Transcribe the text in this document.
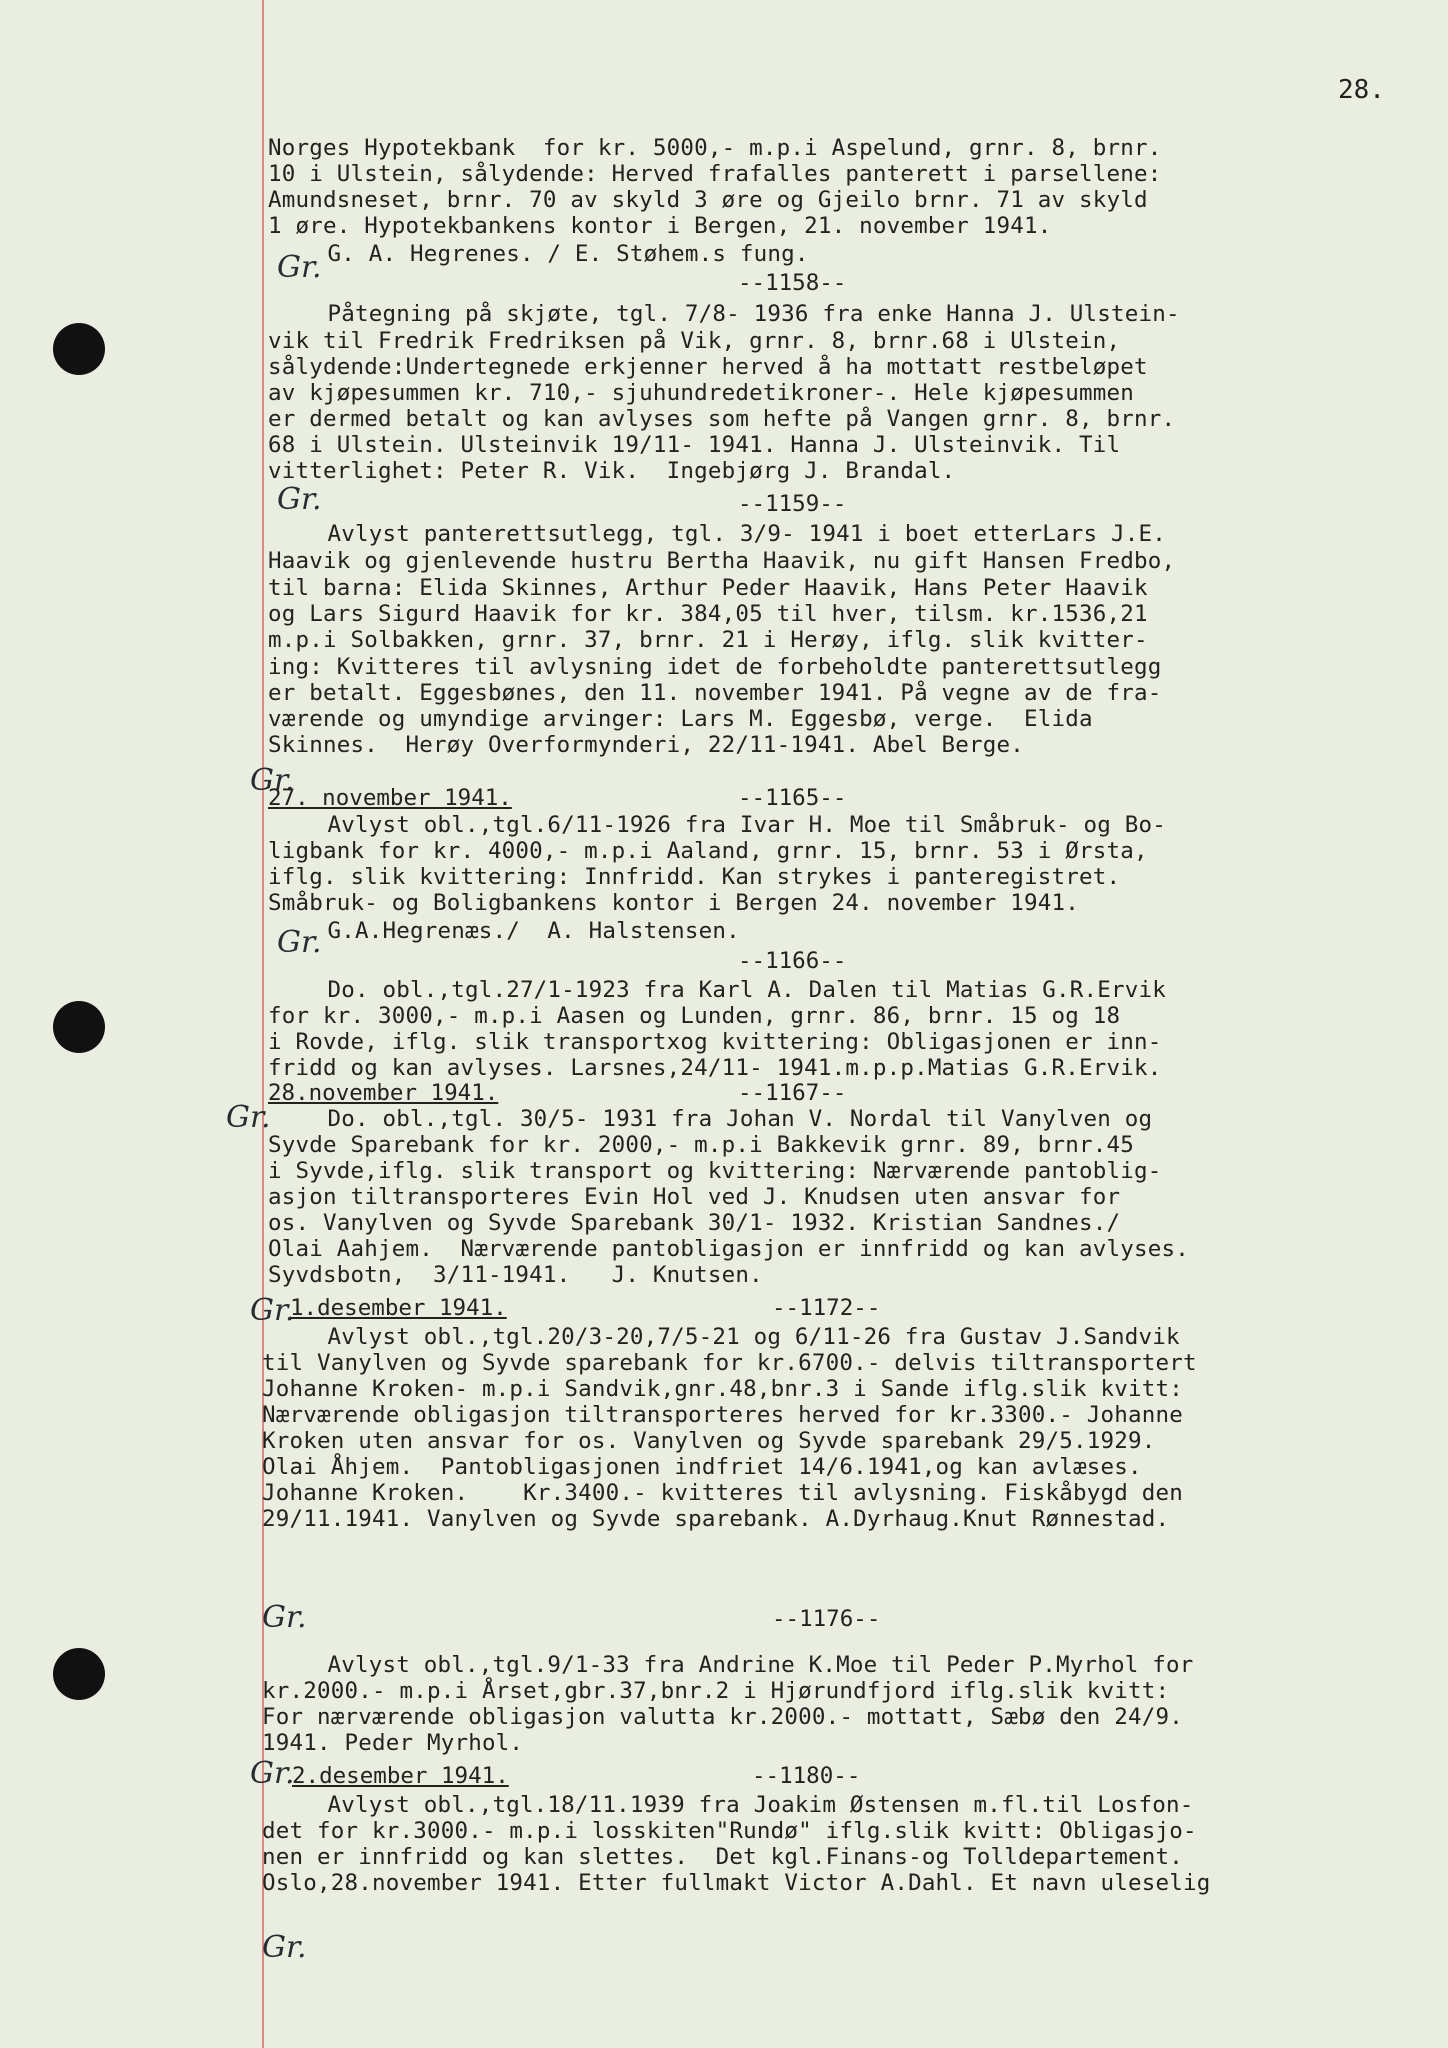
28.
Norges Hypotekbank  for kr. 5000,- m.p.i Aspelund, grnr. 8, brnr.
10 i Ulstein, sålydende: Herved frafalles panterett i parsellene:
Amundsneset, brnr. 70 av skyld 3 øre og Gjeilo brnr. 71 av skyld
1 øre. Hypotekbankens kontor i Bergen, 21. november 1941.
G. A. Hegrenes. / E. Støhem.s fung.
Gr.	--1158--
Påtegning på skjøte, tgl. 7/8- 1936 fra enke Hanna J. Ulstein-
vik til Fredrik Fredriksen på Vik, grnr. 8, brnr.68 i Ulstein,
sålydende:Undertegnede erkjenner herved å ha mottatt restbeløpet
av kjøpesummen kr. 710,- sjuhundredetikroner-. Hele kjøpesummen
er dermed betalt og kan avlyses som hefte på Vangen grnr. 8, brnr.
68 i Ulstein. Ulsteinvik 19/11- 1941. Hanna J. Ulsteinvik. Til
vitterlighet: Peter R. Vik.  Ingebjørg J. Brandal.
Gr.	--1159--
Avlyst panterettsutlegg, tgl. 3/9- 1941 i boet etterLars J.E.
Haavik og gjenlevende hustru Bertha Haavik, nu gift Hansen Fredbo,
til barna: Elida Skinnes, Arthur Peder Haavik, Hans Peter Haavik
og Lars Sigurd Haavik for kr. 384,05 til hver, tilsm. kr.1536,21
m.p.i Solbakken, grnr. 37, brnr. 21 i Herøy, iflg. slik kvitter-
ing: Kvitteres til avlysning idet de forbeholdte panterettsutlegg
er betalt. Eggesbønes, den 11. november 1941. På vegne av de fra-
værende og umyndige arvinger: Lars M. Eggesbø, verge.  Elida
Skinnes.  Herøy Overformynderi, 22/11-1941. Abel Berge.
Gr.
27. november 1941.	--1165--
Avlyst obl.,tgl.6/11-1926 fra Ivar H. Moe til Småbruk- og Bo-
ligbank for kr. 4000,- m.p.i Aaland, grnr. 15, brnr. 53 i Ørsta,
iflg. slik kvittering: Innfridd. Kan strykes i panteregistret.
Småbruk- og Boligbankens kontor i Bergen 24. november 1941.
G.A.Hegrenæs./  A. Halstensen.
Gr.
--1166--
Do. obl.,tgl.27/1-1923 fra Karl A. Dalen til Matias G.R.Ervik
for kr. 3000,- m.p.i Aasen og Lunden, grnr. 86, brnr. 15 og 18
i Rovde, iflg. slik transportxog kvittering: Obligasjonen er inn-
fridd og kan avlyses. Larsnes,24/11- 1941.m.p.p.Matias G.R.Ervik.
Gr.
28.november 1941.	--1167--
Do. obl.,tgl. 30/5- 1931 fra Johan V. Nordal til Vanylven og
Syvde Sparebank for kr. 2000,- m.p.i Bakkevik grnr. 89, brnr.45
i Syvde,iflg. slik transport og kvittering: Nærværende pantoblig-
asjon tiltransporteres Evin Hol ved J. Knudsen uten ansvar for
os. Vanylven og Syvde Sparebank 30/1- 1932. Kristian Sandnes./
Olai Aahjem.  Nærværende pantobligasjon er innfridd og kan avlyses.
Syvdsbotn,  3/11-1941.   J. Knutsen.
Gr.
1.desember 1941.	--1172--
Avlyst obl.,tgl.20/3-20,7/5-21 og 6/11-26 fra Gustav J.Sandvik
til Vanylven og Syvde sparebank for kr.6700.- delvis tiltransportert
Johanne Kroken- m.p.i Sandvik,gnr.48,bnr.3 i Sande iflg.slik kvitt:
Nærværende obligasjon tiltransporteres herved for kr.3300.- Johanne
Kroken uten ansvar for os. Vanylven og Syvde sparebank 29/5.1929.
Olai Åhjem.  Pantobligasjonen indfriet 14/6.1941,og kan avlæses.
Johanne Kroken.    Kr.3400.- kvitteres til avlysning. Fiskåbygd den
29/11.1941. Vanylven og Syvde sparebank. A.Dyrhaug.Knut Rønnestad.
Gr.	--1176--
Avlyst obl.,tgl.9/1-33 fra Andrine K.Moe til Peder P.Myrhol for
kr.2000.- m.p.i Årset,gbr.37,bnr.2 i Hjørundfjord iflg.slik kvitt:
For nærværende obligasjon valutta kr.2000.- mottatt, Sæbø den 24/9.
1941. Peder Myrhol.
Gr.
2.desember 1941.	--1180--
Avlyst obl.,tgl.18/11.1939 fra Joakim Østensen m.fl.til Losfon-
det for kr.3000.- m.p.i losskiten"Rundø" iflg.slik kvitt: Obligasjo-
nen er innfridd og kan slettes.  Det kgl.Finans-og Tolldepartement.
Oslo,28.november 1941. Etter fullmakt Victor A.Dahl. Et navn uleselig
Gr.
